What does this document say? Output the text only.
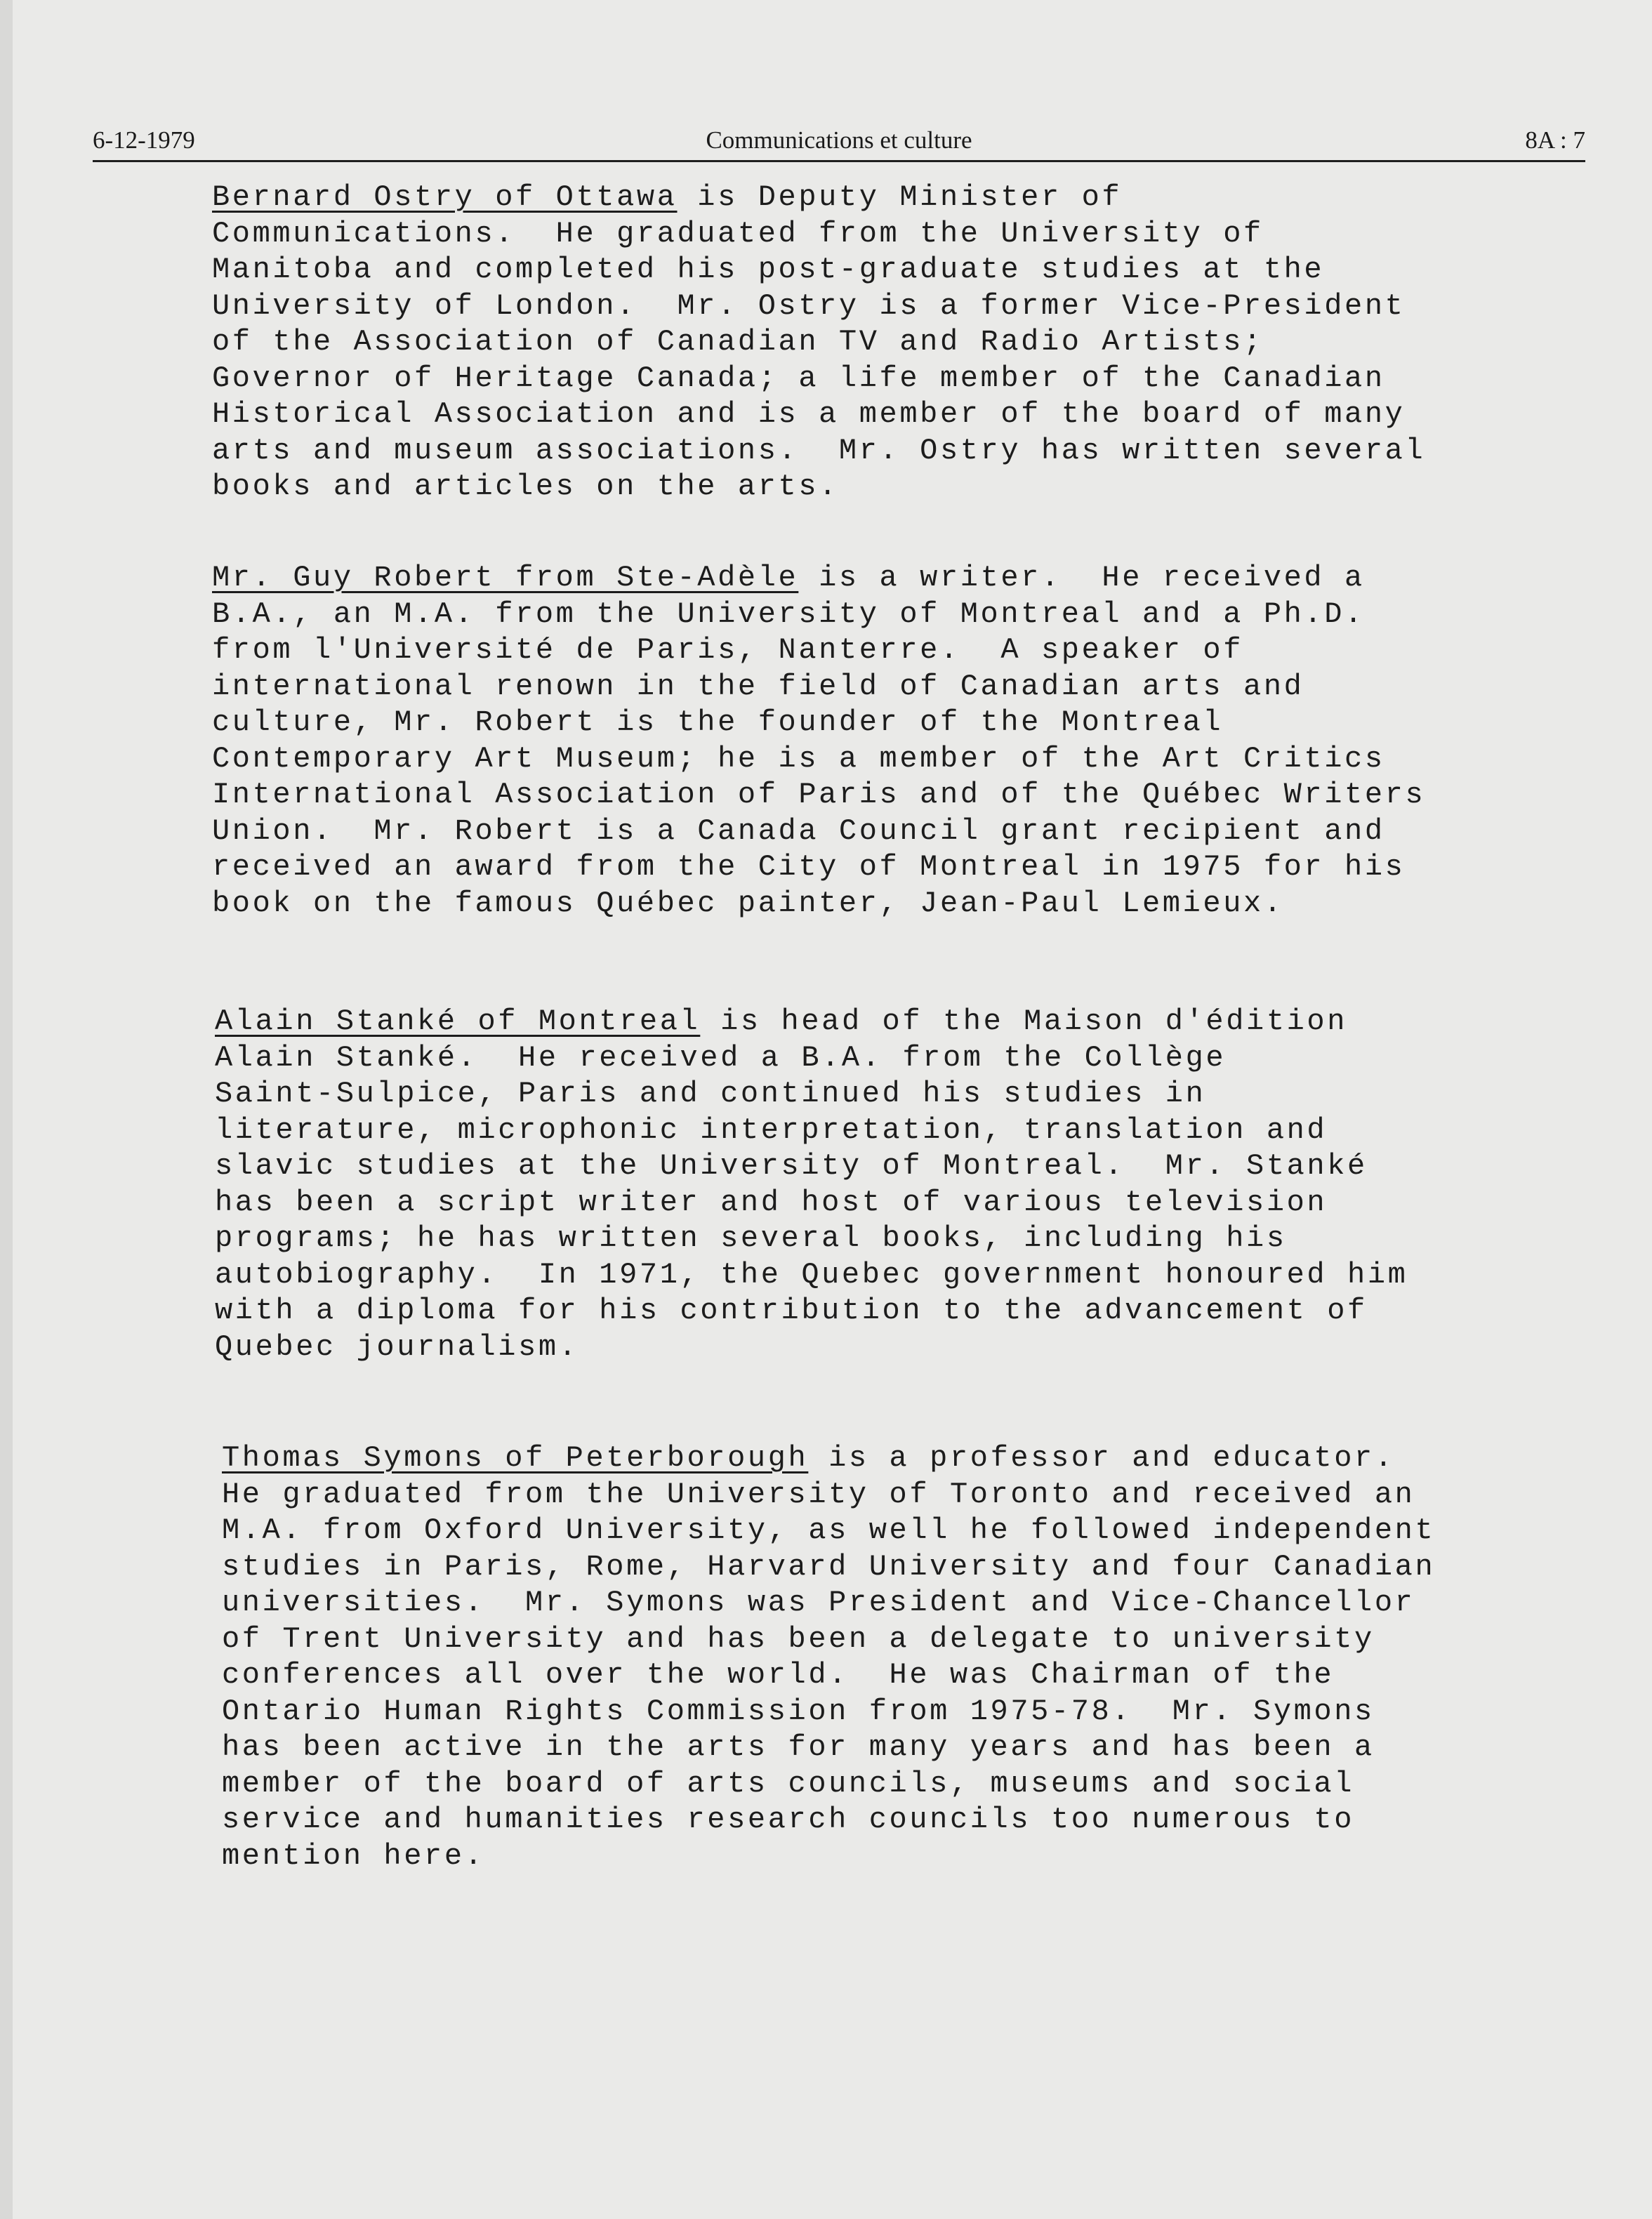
6-12-1979	Communications et culture	8A : 7

Bernard Ostry of Ottawa is Deputy Minister of
Communications.  He graduated from the University of
Manitoba and completed his post-graduate studies at the
University of London.  Mr. Ostry is a former Vice-President
of the Association of Canadian TV and Radio Artists;
Governor of Heritage Canada; a life member of the Canadian
Historical Association and is a member of the board of many
arts and museum associations.  Mr. Ostry has written several
books and articles on the arts.

Mr. Guy Robert from Ste-Adèle is a writer.  He received a
B.A., an M.A. from the University of Montreal and a Ph.D.
from l'Université de Paris, Nanterre.  A speaker of
international renown in the field of Canadian arts and
culture, Mr. Robert is the founder of the Montreal
Contemporary Art Museum; he is a member of the Art Critics
International Association of Paris and of the Québec Writers
Union.  Mr. Robert is a Canada Council grant recipient and
received an award from the City of Montreal in 1975 for his
book on the famous Québec painter, Jean-Paul Lemieux.

Alain Stanké of Montreal is head of the Maison d'édition
Alain Stanké.  He received a B.A. from the Collège
Saint-Sulpice, Paris and continued his studies in
literature, microphonic interpretation, translation and
slavic studies at the University of Montreal.  Mr. Stanké
has been a script writer and host of various television
programs; he has written several books, including his
autobiography.  In 1971, the Quebec government honoured him
with a diploma for his contribution to the advancement of
Quebec journalism.

Thomas Symons of Peterborough is a professor and educator.
He graduated from the University of Toronto and received an
M.A. from Oxford University, as well he followed independent
studies in Paris, Rome, Harvard University and four Canadian
universities.  Mr. Symons was President and Vice-Chancellor
of Trent University and has been a delegate to university
conferences all over the world.  He was Chairman of the
Ontario Human Rights Commission from 1975-78.  Mr. Symons
has been active in the arts for many years and has been a
member of the board of arts councils, museums and social
service and humanities research councils too numerous to
mention here.
